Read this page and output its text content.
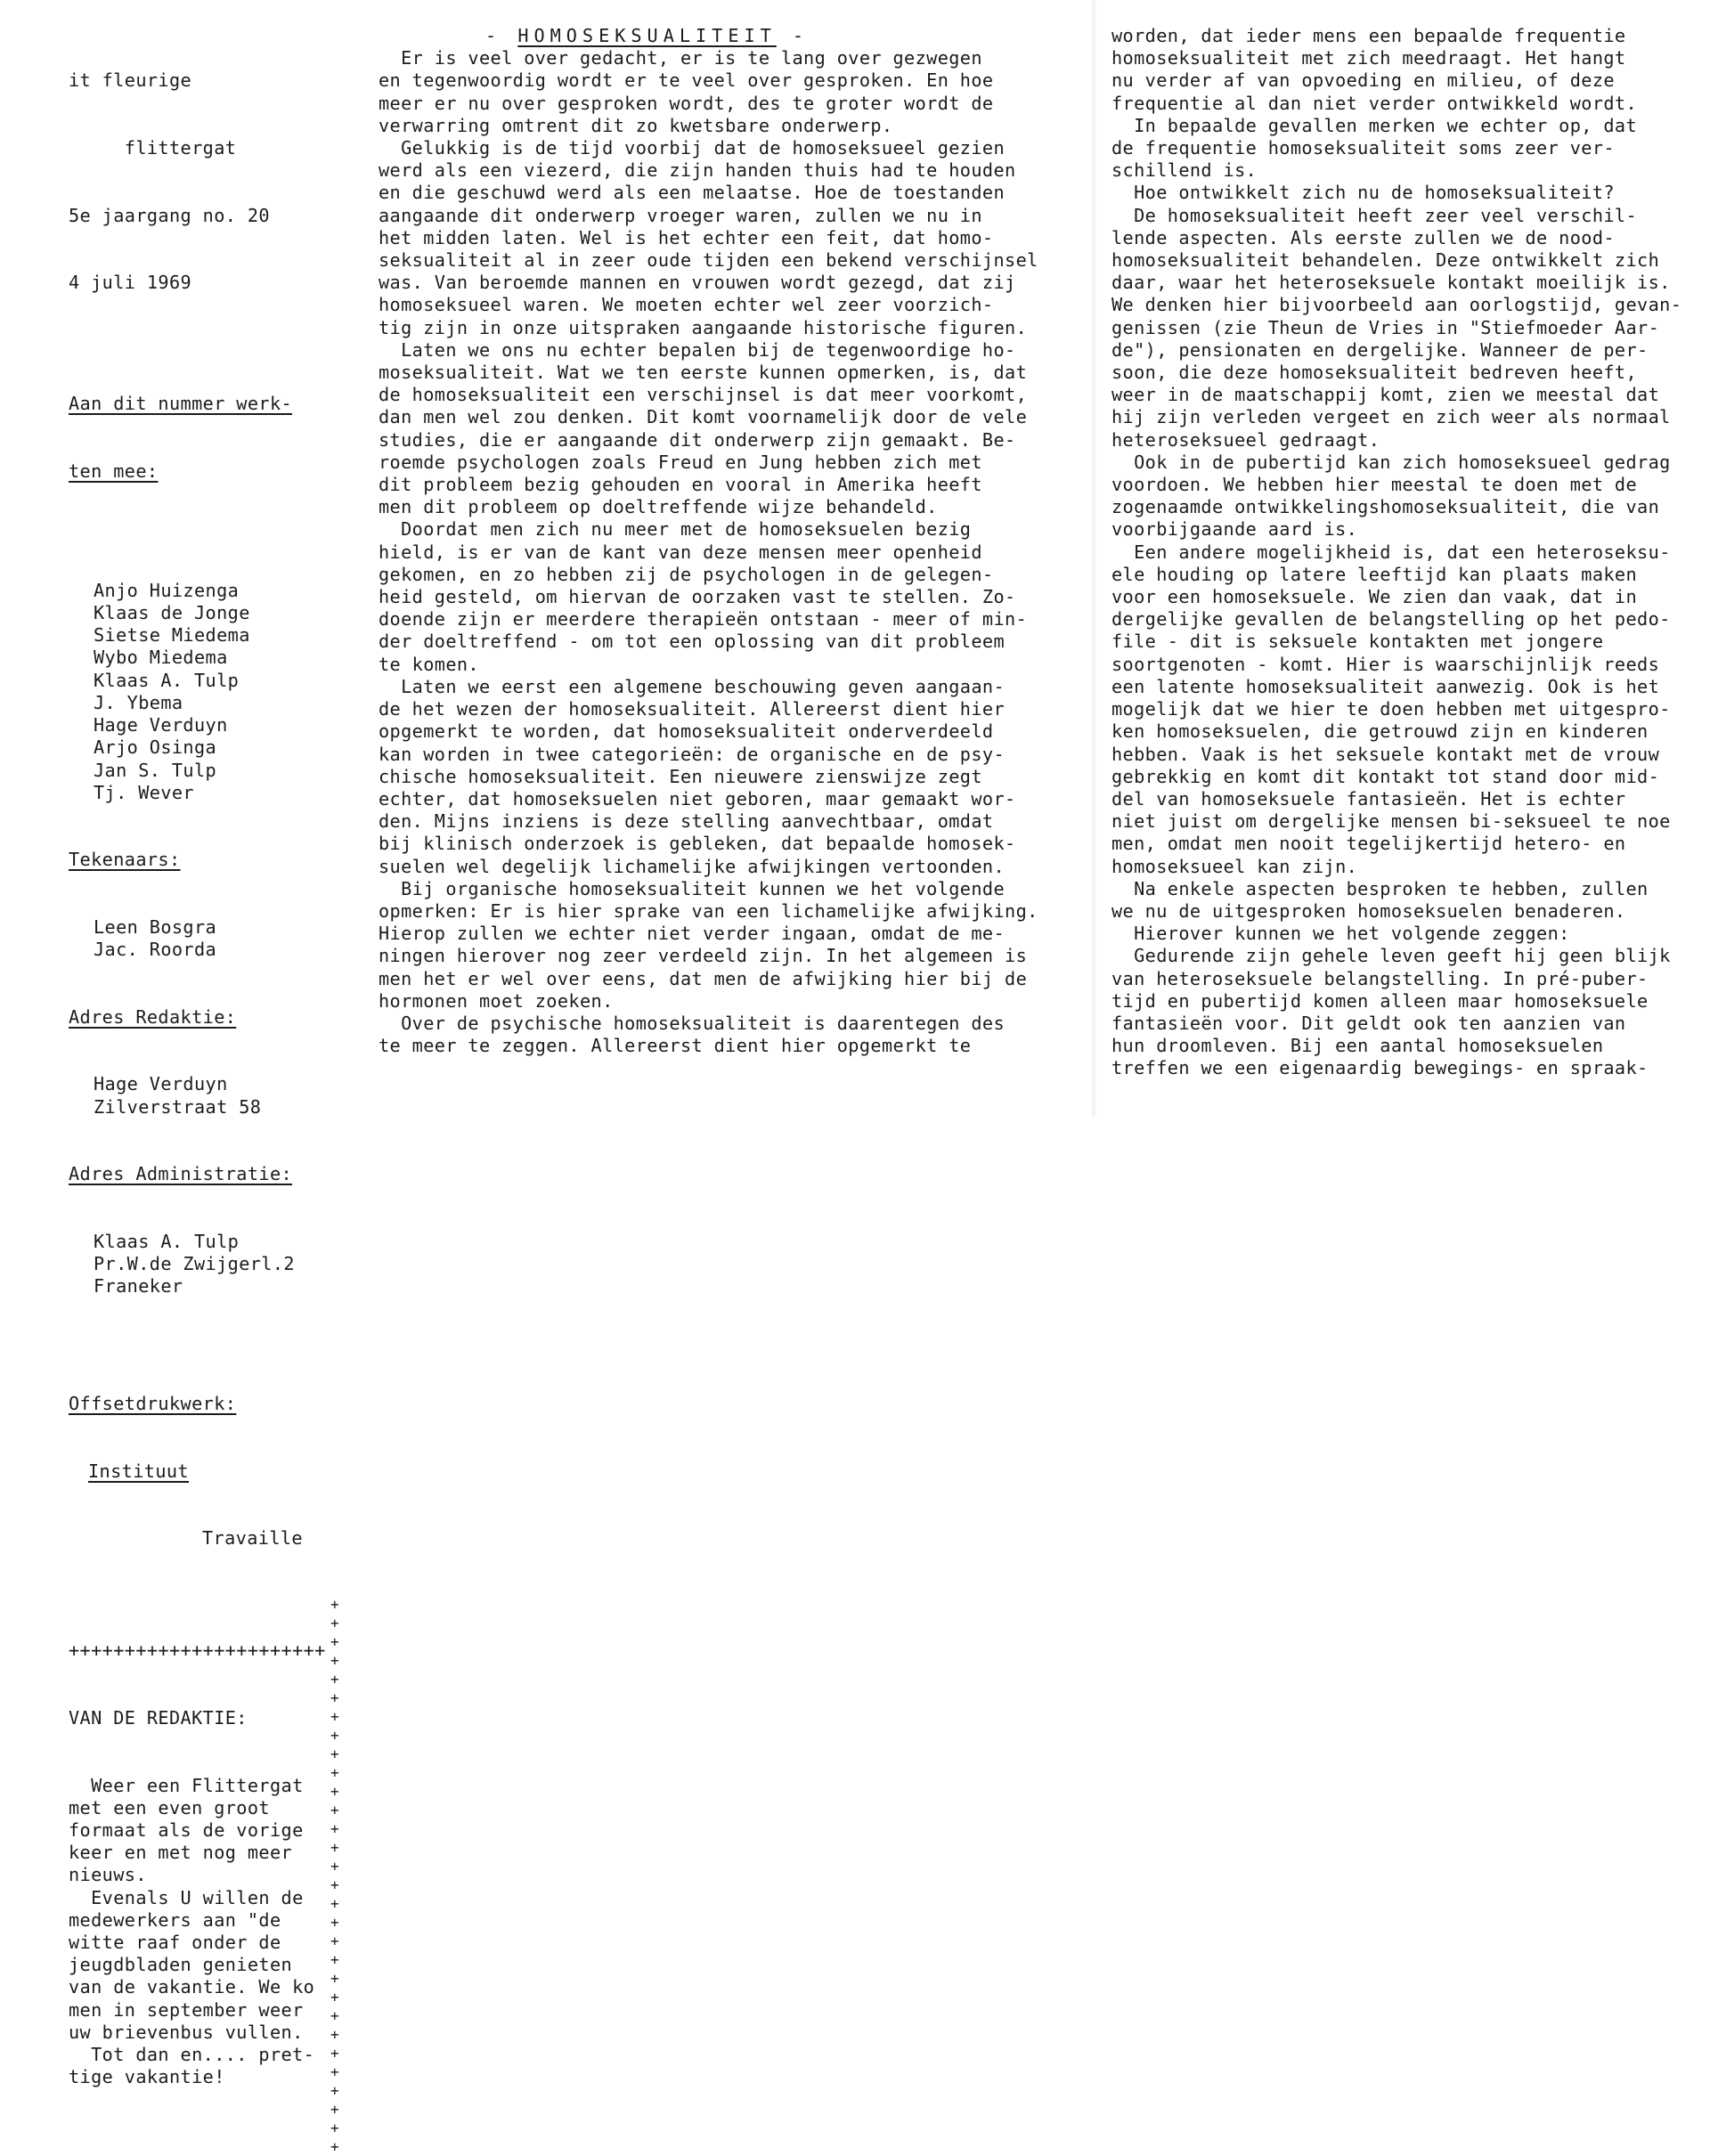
it fleurige

flittergat

5e jaargang no. 20

4 juli 1969

Aan dit nummer werk-

ten mee:

Anjo Huizenga

Klaas de Jonge

Sietse Miedema

Wybo Miedema

Klaas A. Tulp

J. Ybema

Hage Verduyn

Arjo Osinga

Jan S. Tulp

Tj. Wever

Tekenaars:

Leen Bosgra

Jac. Roorda

Adres Redaktie:

Hage Verduyn

Zilverstraat 58

Adres Administratie:

Klaas A. Tulp

Pr.W.de Zwijgerl.2

Franeker

Offsetdrukwerk:

Instituut

Travaille

+++++++++++++++++++++++

VAN DE REDAKTIE:

Weer een Flittergat

met een even groot

formaat als de vorige

keer en met nog meer

nieuws.

Evenals U willen de

medewerkers aan "de

witte raaf onder de

jeugdbladen genieten

van de vakantie. We ko

men in september weer

uw brievenbus vullen.

Tot dan en.... pret-

tige vakantie!

+
+
+
+
+
+
+
+
+
+
+
+
+
+
+
+
+
+
+
+
+
+
+
+
+
+
+
+
+
+

- HOMOSEKSUALITEIT -

Er is veel over gedacht, er is te lang over gezwegen

en tegenwoordig wordt er te veel over gesproken. En hoe

meer er nu over gesproken wordt, des te groter wordt de

verwarring omtrent dit zo kwetsbare onderwerp.

Gelukkig is de tijd voorbij dat de homoseksueel gezien

werd als een viezerd, die zijn handen thuis had te houden

en die geschuwd werd als een melaatse. Hoe de toestanden

aangaande dit onderwerp vroeger waren, zullen we nu in

het midden laten. Wel is het echter een feit, dat homo-

seksualiteit al in zeer oude tijden een bekend verschijnsel

was. Van beroemde mannen en vrouwen wordt gezegd, dat zij

homoseksueel waren. We moeten echter wel zeer voorzich-

tig zijn in onze uitspraken aangaande historische figuren.

Laten we ons nu echter bepalen bij de tegenwoordige ho-

moseksualiteit. Wat we ten eerste kunnen opmerken, is, dat

de homoseksualiteit een verschijnsel is dat meer voorkomt,

dan men wel zou denken. Dit komt voornamelijk door de vele

studies, die er aangaande dit onderwerp zijn gemaakt. Be-

roemde psychologen zoals Freud en Jung hebben zich met

dit probleem bezig gehouden en vooral in Amerika heeft

men dit probleem op doeltreffende wijze behandeld.

Doordat men zich nu meer met de homoseksuelen bezig

hield, is er van de kant van deze mensen meer openheid

gekomen, en zo hebben zij de psychologen in de gelegen-

heid gesteld, om hiervan de oorzaken vast te stellen. Zo-

doende zijn er meerdere therapieën ontstaan - meer of min-

der doeltreffend - om tot een oplossing van dit probleem

te komen.

Laten we eerst een algemene beschouwing geven aangaan-

de het wezen der homoseksualiteit. Allereerst dient hier

opgemerkt te worden, dat homoseksualiteit onderverdeeld

kan worden in twee categorieën: de organische en de psy-

chische homoseksualiteit. Een nieuwere zienswijze zegt

echter, dat homoseksuelen niet geboren, maar gemaakt wor-

den. Mijns inziens is deze stelling aanvechtbaar, omdat

bij klinisch onderzoek is gebleken, dat bepaalde homosek-

suelen wel degelijk lichamelijke afwijkingen vertoonden.

Bij organische homoseksualiteit kunnen we het volgende

opmerken: Er is hier sprake van een lichamelijke afwijking.

Hierop zullen we echter niet verder ingaan, omdat de me-

ningen hierover nog zeer verdeeld zijn. In het algemeen is

men het er wel over eens, dat men de afwijking hier bij de

hormonen moet zoeken.

Over de psychische homoseksualiteit is daarentegen des

te meer te zeggen. Allereerst dient hier opgemerkt te

worden, dat ieder mens een bepaalde frequentie

homoseksualiteit met zich meedraagt. Het hangt

nu verder af van opvoeding en milieu, of deze

frequentie al dan niet verder ontwikkeld wordt.

In bepaalde gevallen merken we echter op, dat

de frequentie homoseksualiteit soms zeer ver-

schillend is.

Hoe ontwikkelt zich nu de homoseksualiteit?

De homoseksualiteit heeft zeer veel verschil-

lende aspecten. Als eerste zullen we de nood-

homoseksualiteit behandelen. Deze ontwikkelt zich

daar, waar het heteroseksuele kontakt moeilijk is.

We denken hier bijvoorbeeld aan oorlogstijd, gevan-

genissen (zie Theun de Vries in "Stiefmoeder Aar-

de"), pensionaten en dergelijke. Wanneer de per-

soon, die deze homoseksualiteit bedreven heeft,

weer in de maatschappij komt, zien we meestal dat

hij zijn verleden vergeet en zich weer als normaal

heteroseksueel gedraagt.

Ook in de pubertijd kan zich homoseksueel gedrag

voordoen. We hebben hier meestal te doen met de

zogenaamde ontwikkelingshomoseksualiteit, die van

voorbijgaande aard is.

Een andere mogelijkheid is, dat een heteroseksu-

ele houding op latere leeftijd kan plaats maken

voor een homoseksuele. We zien dan vaak, dat in

dergelijke gevallen de belangstelling op het pedo-

file - dit is seksuele kontakten met jongere

soortgenoten - komt. Hier is waarschijnlijk reeds

een latente homoseksualiteit aanwezig. Ook is het

mogelijk dat we hier te doen hebben met uitgespro-

ken homoseksuelen, die getrouwd zijn en kinderen

hebben. Vaak is het seksuele kontakt met de vrouw

gebrekkig en komt dit kontakt tot stand door mid-

del van homoseksuele fantasieën. Het is echter

niet juist om dergelijke mensen bi-seksueel te noe

men, omdat men nooit tegelijkertijd hetero- en

homoseksueel kan zijn.

Na enkele aspecten besproken te hebben, zullen

we nu de uitgesproken homoseksuelen benaderen.

Hierover kunnen we het volgende zeggen:

Gedurende zijn gehele leven geeft hij geen blijk

van heteroseksuele belangstelling. In pré-puber-

tijd en pubertijd komen alleen maar homoseksuele

fantasieën voor. Dit geldt ook ten aanzien van

hun droomleven. Bij een aantal homoseksuelen

treffen we een eigenaardig bewegings- en spraak-
